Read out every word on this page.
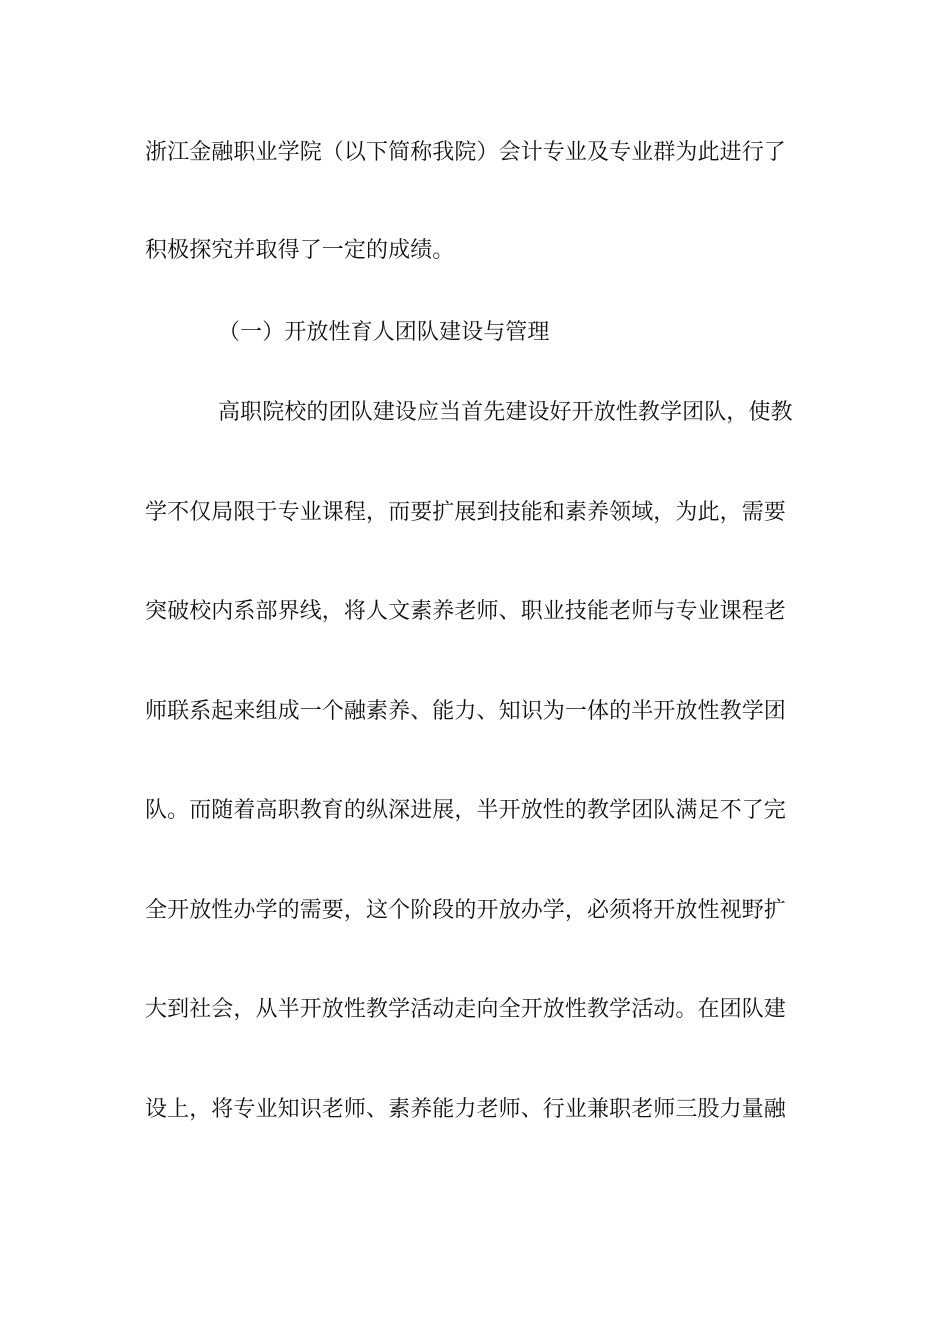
浙江金融职业学院（以下简称我院）会计专业及专业群为此进行了
积极探究并取得了一定的成绩。
（一）开放性育人团队建设与管理
高职院校的团队建设应当首先建设好开放性教学团队，使教
学不仅局限于专业课程，而要扩展到技能和素养领域，为此，需要
突破校内系部界线，将人文素养老师、职业技能老师与专业课程老
师联系起来组成一个融素养、能力、知识为一体的半开放性教学团
队。而随着高职教育的纵深进展，半开放性的教学团队满足不了完
全开放性办学的需要，这个阶段的开放办学，必须将开放性视野扩
大到社会，从半开放性教学活动走向全开放性教学活动。在团队建
设上，将专业知识老师、素养能力老师、行业兼职老师三股力量融
